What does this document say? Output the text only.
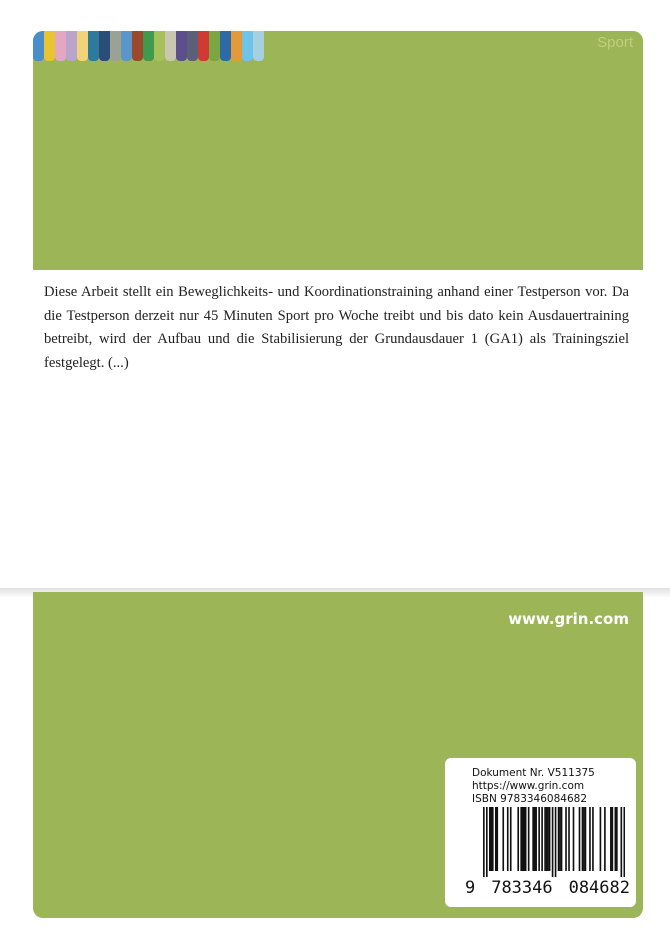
Sport

Diese Arbeit stellt ein Beweglichkeits- und Koordinationstraining anhand einer Testperson vor. Da die Testperson derzeit nur 45 Minuten Sport pro Woche treibt und bis dato kein Ausdauertraining betreibt, wird der Aufbau und die Stabilisierung der Grundausdauer 1 (GA1) als Trainingsziel festgelegt. (...)

www.grin.com
Dokument Nr. V511375
https://www.grin.com
ISBN 9783346084682
9 783346 084682
